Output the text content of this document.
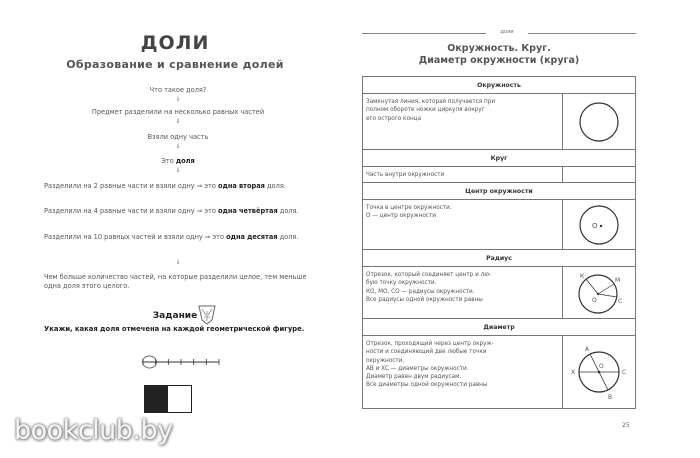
ДОЛИ
Образование и сравнение долей
Что такое доля?
⇓
Предмет разделили на несколько равных частей
⇓
Взяли одну часть
⇓
Это доля
⇓
Разделили на 2 равные части и взяли одну ⇒ это одна вторая доля.
Разделили на 4 равные части и взяли одну ⇒ это одна четвёртая доля.
Разделили на 10 равных частей и взяли одну ⇒ это одна десятая доля.
⇓
Чем больше количество частей, на которые разделили целое, тем меньше одна доля этого целого.
Задание
Укажи, какая доля отмечена на каждой геометрической фигуре.
bookclub.by
доли
Окружность. Круг.
Диаметр окружности (круга)
Окружность
Замкнутая линия, которая получается при
полном обороте ножки циркуля вокруг
его острого конца
Круг
Часть внутри окружности
Центр окружности
Точка в центре окружности.
О — центр окружности
О
Радиус
Отрезок, который соединяет центр и лю-
бую точку окружности.
КО, МО, СО — радиусы окружности.
Все радиусы одной окружности равны
К
М
О	С
Диаметр
Отрезок, проходящий через центр окруж-
ности и соединяющий две любые точки
окружности.
АВ и ХС — диаметры окружности.
Диаметр равен двум радиусам.
Все диаметры одной окружности равны
А
О
Х	С
В
25
